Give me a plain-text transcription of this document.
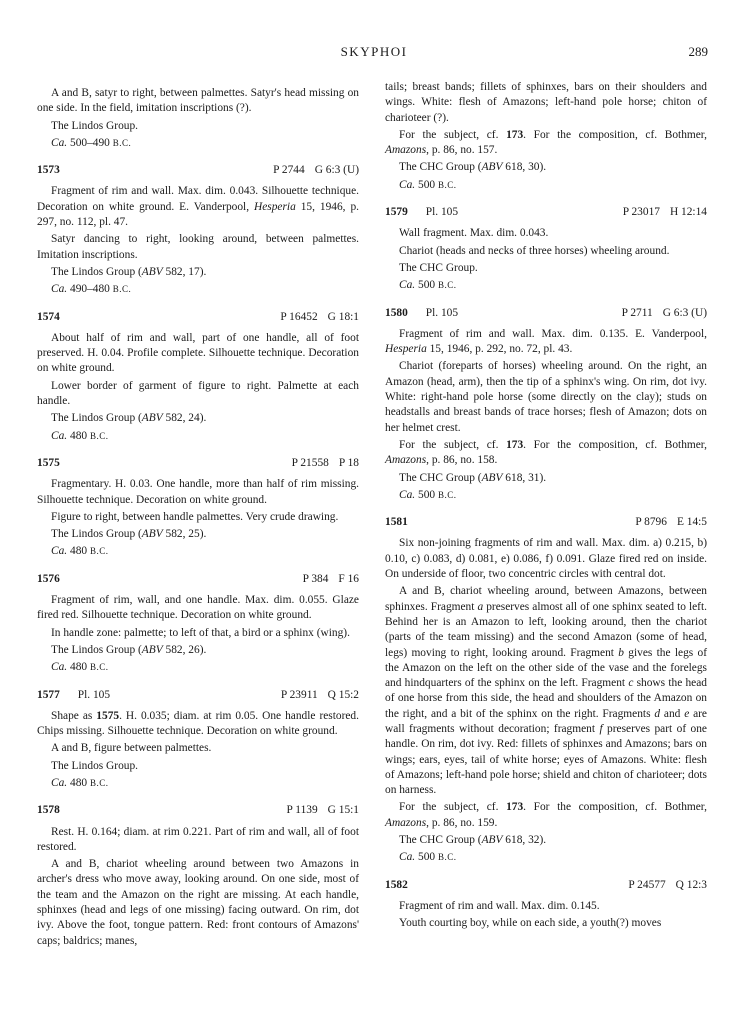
SKYPHOI	289

A and B, satyr to right, between palmettes. Satyr's head missing on one side. In the field, imitation inscriptions (?).

The Lindos Group.

Ca. 500–490 B.C.

1573	P 2744 G 6:3 (U)

Fragment of rim and wall. Max. dim. 0.043. Silhouette technique. Decoration on white ground. E. Vanderpool, Hesperia 15, 1946, p. 297, no. 112, pl. 47.

Satyr dancing to right, looking around, between palmettes. Imitation inscriptions.

The Lindos Group (ABV 582, 17).

Ca. 490–480 B.C.

1574	P 16452 G 18:1

About half of rim and wall, part of one handle, all of foot preserved. H. 0.04. Profile complete. Silhouette technique. Decoration on white ground.

Lower border of garment of figure to right. Palmette at each handle.

The Lindos Group (ABV 582, 24).

Ca. 480 B.C.

1575	P 21558 P 18

Fragmentary. H. 0.03. One handle, more than half of rim missing. Silhouette technique. Decoration on white ground.

Figure to right, between handle palmettes. Very crude drawing.

The Lindos Group (ABV 582, 25).

Ca. 480 B.C.

1576	P 384 F 16

Fragment of rim, wall, and one handle. Max. dim. 0.055. Glaze fired red. Silhouette technique. Decoration on white ground.

In handle zone: palmette; to left of that, a bird or a sphinx (wing).

The Lindos Group (ABV 582, 26).

Ca. 480 B.C.

1577 Pl. 105	P 23911 Q 15:2

Shape as 1575. H. 0.035; diam. at rim 0.05. One handle restored. Chips missing. Silhouette technique. Decoration on white ground.

A and B, figure between palmettes.

The Lindos Group.

Ca. 480 B.C.

1578	P 1139 G 15:1

Rest. H. 0.164; diam. at rim 0.221. Part of rim and wall, all of foot restored.

A and B, chariot wheeling around between two Amazons in archer's dress who move away, looking around. On one side, most of the team and the Amazon on the right are missing. At each handle, sphinxes (head and legs of one missing) facing outward. On rim, dot ivy. Above the foot, tongue pattern. Red: front contours of Amazons' caps; baldrics; manes,

tails; breast bands; fillets of sphinxes, bars on their shoulders and wings. White: flesh of Amazons; left-hand pole horse; chiton of charioteer (?).

For the subject, cf. 173. For the composition, cf. Bothmer, Amazons, p. 86, no. 157.

The CHC Group (ABV 618, 30).

Ca. 500 B.C.

1579 Pl. 105	P 23017 H 12:14

Wall fragment. Max. dim. 0.043.

Chariot (heads and necks of three horses) wheeling around.

The CHC Group.

Ca. 500 B.C.

1580 Pl. 105	P 2711 G 6:3 (U)

Fragment of rim and wall. Max. dim. 0.135. E. Vanderpool, Hesperia 15, 1946, p. 292, no. 72, pl. 43.

Chariot (foreparts of horses) wheeling around. On the right, an Amazon (head, arm), then the tip of a sphinx's wing. On rim, dot ivy. White: right-hand pole horse (some directly on the clay); studs on headstalls and breast bands of trace horses; flesh of Amazon; dots on her helmet crest.

For the subject, cf. 173. For the composition, cf. Bothmer, Amazons, p. 86, no. 158.

The CHC Group (ABV 618, 31).

Ca. 500 B.C.

1581	P 8796 E 14:5

Six non-joining fragments of rim and wall. Max. dim. a) 0.215, b) 0.10, c) 0.083, d) 0.081, e) 0.086, f) 0.091. Glaze fired red on inside. On underside of floor, two concentric circles with central dot.

A and B, chariot wheeling around, between Amazons, between sphinxes. Fragment a preserves almost all of one sphinx seated to left. Behind her is an Amazon to left, looking around, then the chariot (parts of the team missing) and the second Amazon (some of head, legs) moving to right, looking around. Fragment b gives the legs of the Amazon on the left on the other side of the vase and the forelegs and hindquarters of the sphinx on the left. Fragment c shows the head of one horse from this side, the head and shoulders of the Amazon on the right, and a bit of the sphinx on the right. Fragments d and e are wall fragments without decoration; fragment f preserves part of one handle. On rim, dot ivy. Red: fillets of sphinxes and Amazons; bars on wings; ears, eyes, tail of white horse; eyes of Amazons. White: flesh of Amazons; left-hand pole horse; shield and chiton of charioteer; dots on harness.

For the subject, cf. 173. For the composition, cf. Bothmer, Amazons, p. 86, no. 159.

The CHC Group (ABV 618, 32).

Ca. 500 B.C.

1582	P 24577 Q 12:3

Fragment of rim and wall. Max. dim. 0.145.

Youth courting boy, while on each side, a youth(?) moves
